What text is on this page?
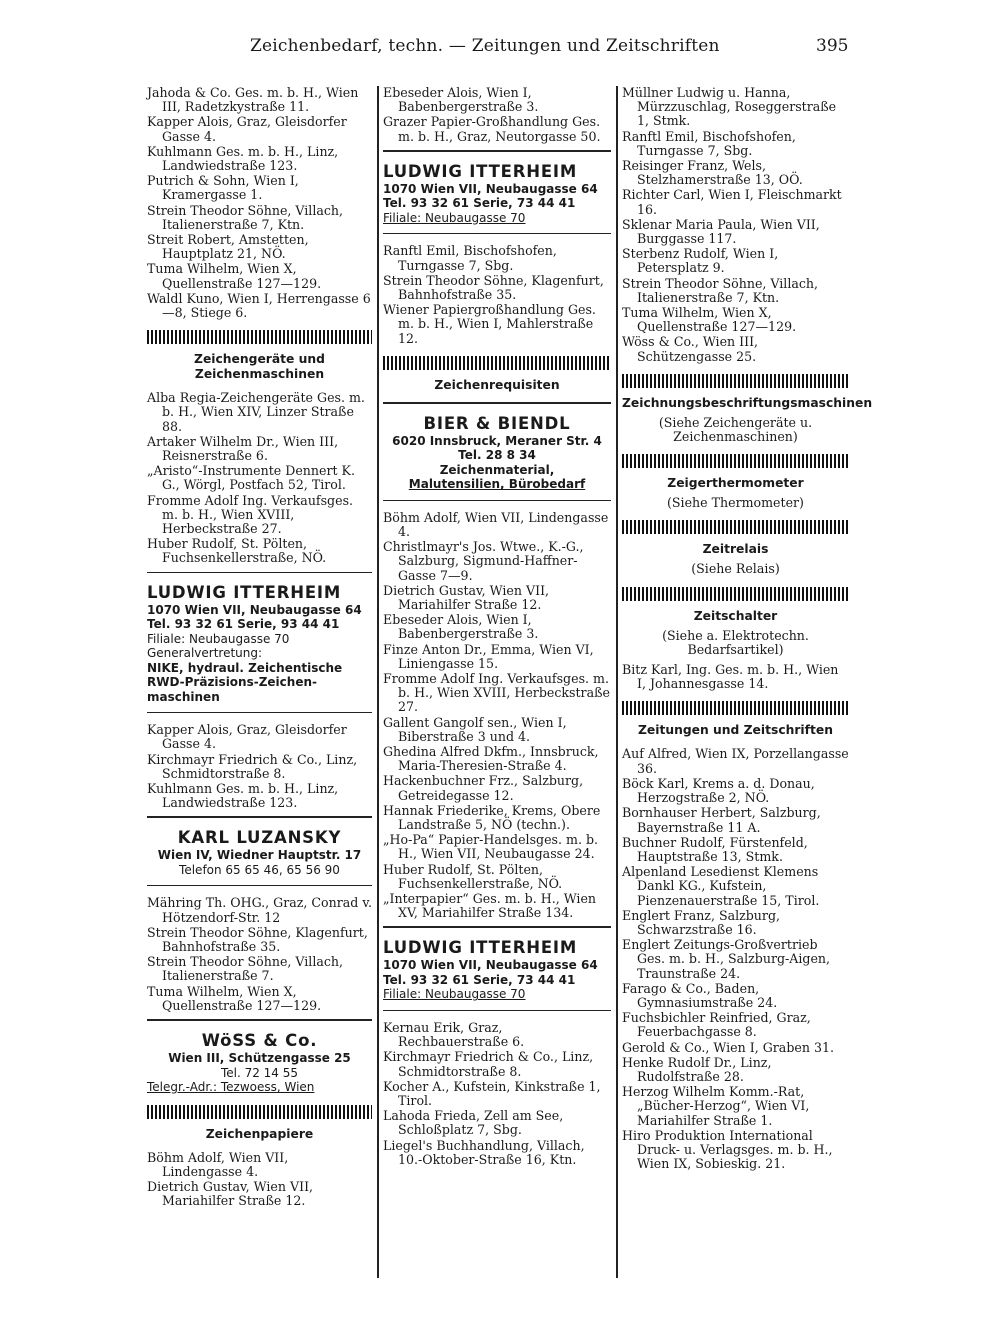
Zeichenbedarf, techn. — Zeitungen und Zeitschriften	395
Jahoda & Co. Ges. m. b. H., Wien III, Radetzkystraße 11.
Kapper Alois, Graz, Gleisdorfer Gasse 4.
Kuhlmann Ges. m. b. H., Linz, Landwiedstraße 123.
Putrich & Sohn, Wien I, Kramergasse 1.
Strein Theodor Söhne, Villach, Italienerstraße 7, Ktn.
Streit Robert, Amstetten, Hauptplatz 21, NÖ.
Tuma Wilhelm, Wien X, Quellenstraße 127—129.
Waldl Kuno, Wien I, Herrengasse 6—8, Stiege 6.
Zeichengeräte und Zeichenmaschinen
Alba Regia-Zeichengeräte Ges. m. b. H., Wien XIV, Linzer Straße 88.
Artaker Wilhelm Dr., Wien III, Reisnerstraße 6.
„Aristo“-Instrumente Dennert K. G., Wörgl, Postfach 52, Tirol.
Fromme Adolf Ing. Verkaufsges. m. b. H., Wien XVIII, Herbeckstraße 27.
Huber Rudolf, St. Pölten, Fuchsenkellerstraße, NÖ.
LUDWIG ITTERHEIM
1070 Wien VII, Neubaugasse 64
Tel. 93 32 61 Serie, 93 44 41
Filiale: Neubaugasse 70
Generalvertretung:
NIKE, hydraul. Zeichentische
RWD-Präzisions-Zeichen-
maschinen
Kapper Alois, Graz, Gleisdorfer Gasse 4.
Kirchmayr Friedrich & Co., Linz, Schmidtorstraße 8.
Kuhlmann Ges. m. b. H., Linz, Landwiedstraße 123.
KARL LUZANSKY
Wien IV, Wiedner Hauptstr. 17
Telefon 65 65 46, 65 56 90
Mähring Th. OHG., Graz, Conrad v. Hötzendorf-Str. 12
Strein Theodor Söhne, Klagenfurt, Bahnhofstraße 35.
Strein Theodor Söhne, Villach, Italienerstraße 7.
Tuma Wilhelm, Wien X, Quellenstraße 127—129.
WöSS & Co.
Wien III, Schützengasse 25
Tel. 72 14 55
Telegr.-Adr.: Tezwoess, Wien
Zeichenpapiere
Böhm Adolf, Wien VII, Lindengasse 4.
Dietrich Gustav, Wien VII, Mariahilfer Straße 12.
Ebeseder Alois, Wien I, Babenbergerstraße 3.
Grazer Papier-Großhandlung Ges. m. b. H., Graz, Neutorgasse 50.
LUDWIG ITTERHEIM
1070 Wien VII, Neubaugasse 64
Tel. 93 32 61 Serie, 73 44 41
Filiale: Neubaugasse 70
Ranftl Emil, Bischofshofen, Turngasse 7, Sbg.
Strein Theodor Söhne, Klagenfurt, Bahnhofstraße 35.
Wiener Papiergroßhandlung Ges. m. b. H., Wien I, Mahlerstraße 12.
Zeichenrequisiten
BIER & BIENDL
6020 Innsbruck, Meraner Str. 4
Tel. 28 8 34
Zeichenmaterial,
Malutensilien, Bürobedarf
Böhm Adolf, Wien VII, Lindengasse 4.
Christlmayr's Jos. Wtwe., K.-G., Salzburg, Sigmund-Haffner-Gasse 7—9.
Dietrich Gustav, Wien VII, Mariahilfer Straße 12.
Ebeseder Alois, Wien I, Babenbergerstraße 3.
Finze Anton Dr., Emma, Wien VI, Liniengasse 15.
Fromme Adolf Ing. Verkaufsges. m. b. H., Wien XVIII, Herbeckstraße 27.
Gallent Gangolf sen., Wien I, Biberstraße 3 und 4.
Ghedina Alfred Dkfm., Innsbruck, Maria-Theresien-Straße 4.
Hackenbuchner Frz., Salzburg, Getreidegasse 12.
Hannak Friederike, Krems, Obere Landstraße 5, NÖ (techn.).
„Ho-Pa“ Papier-Handelsges. m. b. H., Wien VII, Neubaugasse 24.
Huber Rudolf, St. Pölten, Fuchsenkellerstraße, NÖ.
„Interpapier“ Ges. m. b. H., Wien XV, Mariahilfer Straße 134.
LUDWIG ITTERHEIM
1070 Wien VII, Neubaugasse 64
Tel. 93 32 61 Serie, 73 44 41
Filiale: Neubaugasse 70
Kernau Erik, Graz, Rechbauerstraße 6.
Kirchmayr Friedrich & Co., Linz, Schmidtorstraße 8.
Kocher A., Kufstein, Kinkstraße 1, Tirol.
Lahoda Frieda, Zell am See, Schloßplatz 7, Sbg.
Liegel's Buchhandlung, Villach, 10.-Oktober-Straße 16, Ktn.
Müllner Ludwig u. Hanna, Mürzzuschlag, Roseggerstraße 1, Stmk.
Ranftl Emil, Bischofshofen, Turngasse 7, Sbg.
Reisinger Franz, Wels, Stelzhamerstraße 13, OÖ.
Richter Carl, Wien I, Fleischmarkt 16.
Sklenar Maria Paula, Wien VII, Burggasse 117.
Sterbenz Rudolf, Wien I, Petersplatz 9.
Strein Theodor Söhne, Villach, Italienerstraße 7, Ktn.
Tuma Wilhelm, Wien X, Quellenstraße 127—129.
Wöss & Co., Wien III, Schützengasse 25.
Zeichnungsbeschriftungsmaschinen
(Siehe Zeichengeräte u. Zeichenmaschinen)
Zeigerthermometer
(Siehe Thermometer)
Zeitrelais
(Siehe Relais)
Zeitschalter
(Siehe a. Elektrotechn. Bedarfsartikel)
Bitz Karl, Ing. Ges. m. b. H., Wien I, Johannesgasse 14.
Zeitungen und Zeitschriften
Auf Alfred, Wien IX, Porzellangasse 36.
Böck Karl, Krems a. d. Donau, Herzogstraße 2, NÖ.
Bornhauser Herbert, Salzburg, Bayernstraße 11 A.
Buchner Rudolf, Fürstenfeld, Hauptstraße 13, Stmk.
Alpenland Lesedienst Klemens Dankl KG., Kufstein, Pienzenauerstraße 15, Tirol.
Englert Franz, Salzburg, Schwarzstraße 16.
Englert Zeitungs-Großvertrieb Ges. m. b. H., Salzburg-Aigen, Traunstraße 24.
Farago & Co., Baden, Gymnasiumstraße 24.
Fuchsbichler Reinfried, Graz, Feuerbachgasse 8.
Gerold & Co., Wien I, Graben 31.
Henke Rudolf Dr., Linz, Rudolfstraße 28.
Herzog Wilhelm Komm.-Rat, „Bücher-Herzog“, Wien VI, Mariahilfer Straße 1.
Hiro Produktion International Druck- u. Verlagsges. m. b. H., Wien IX, Sobieskig. 21.
